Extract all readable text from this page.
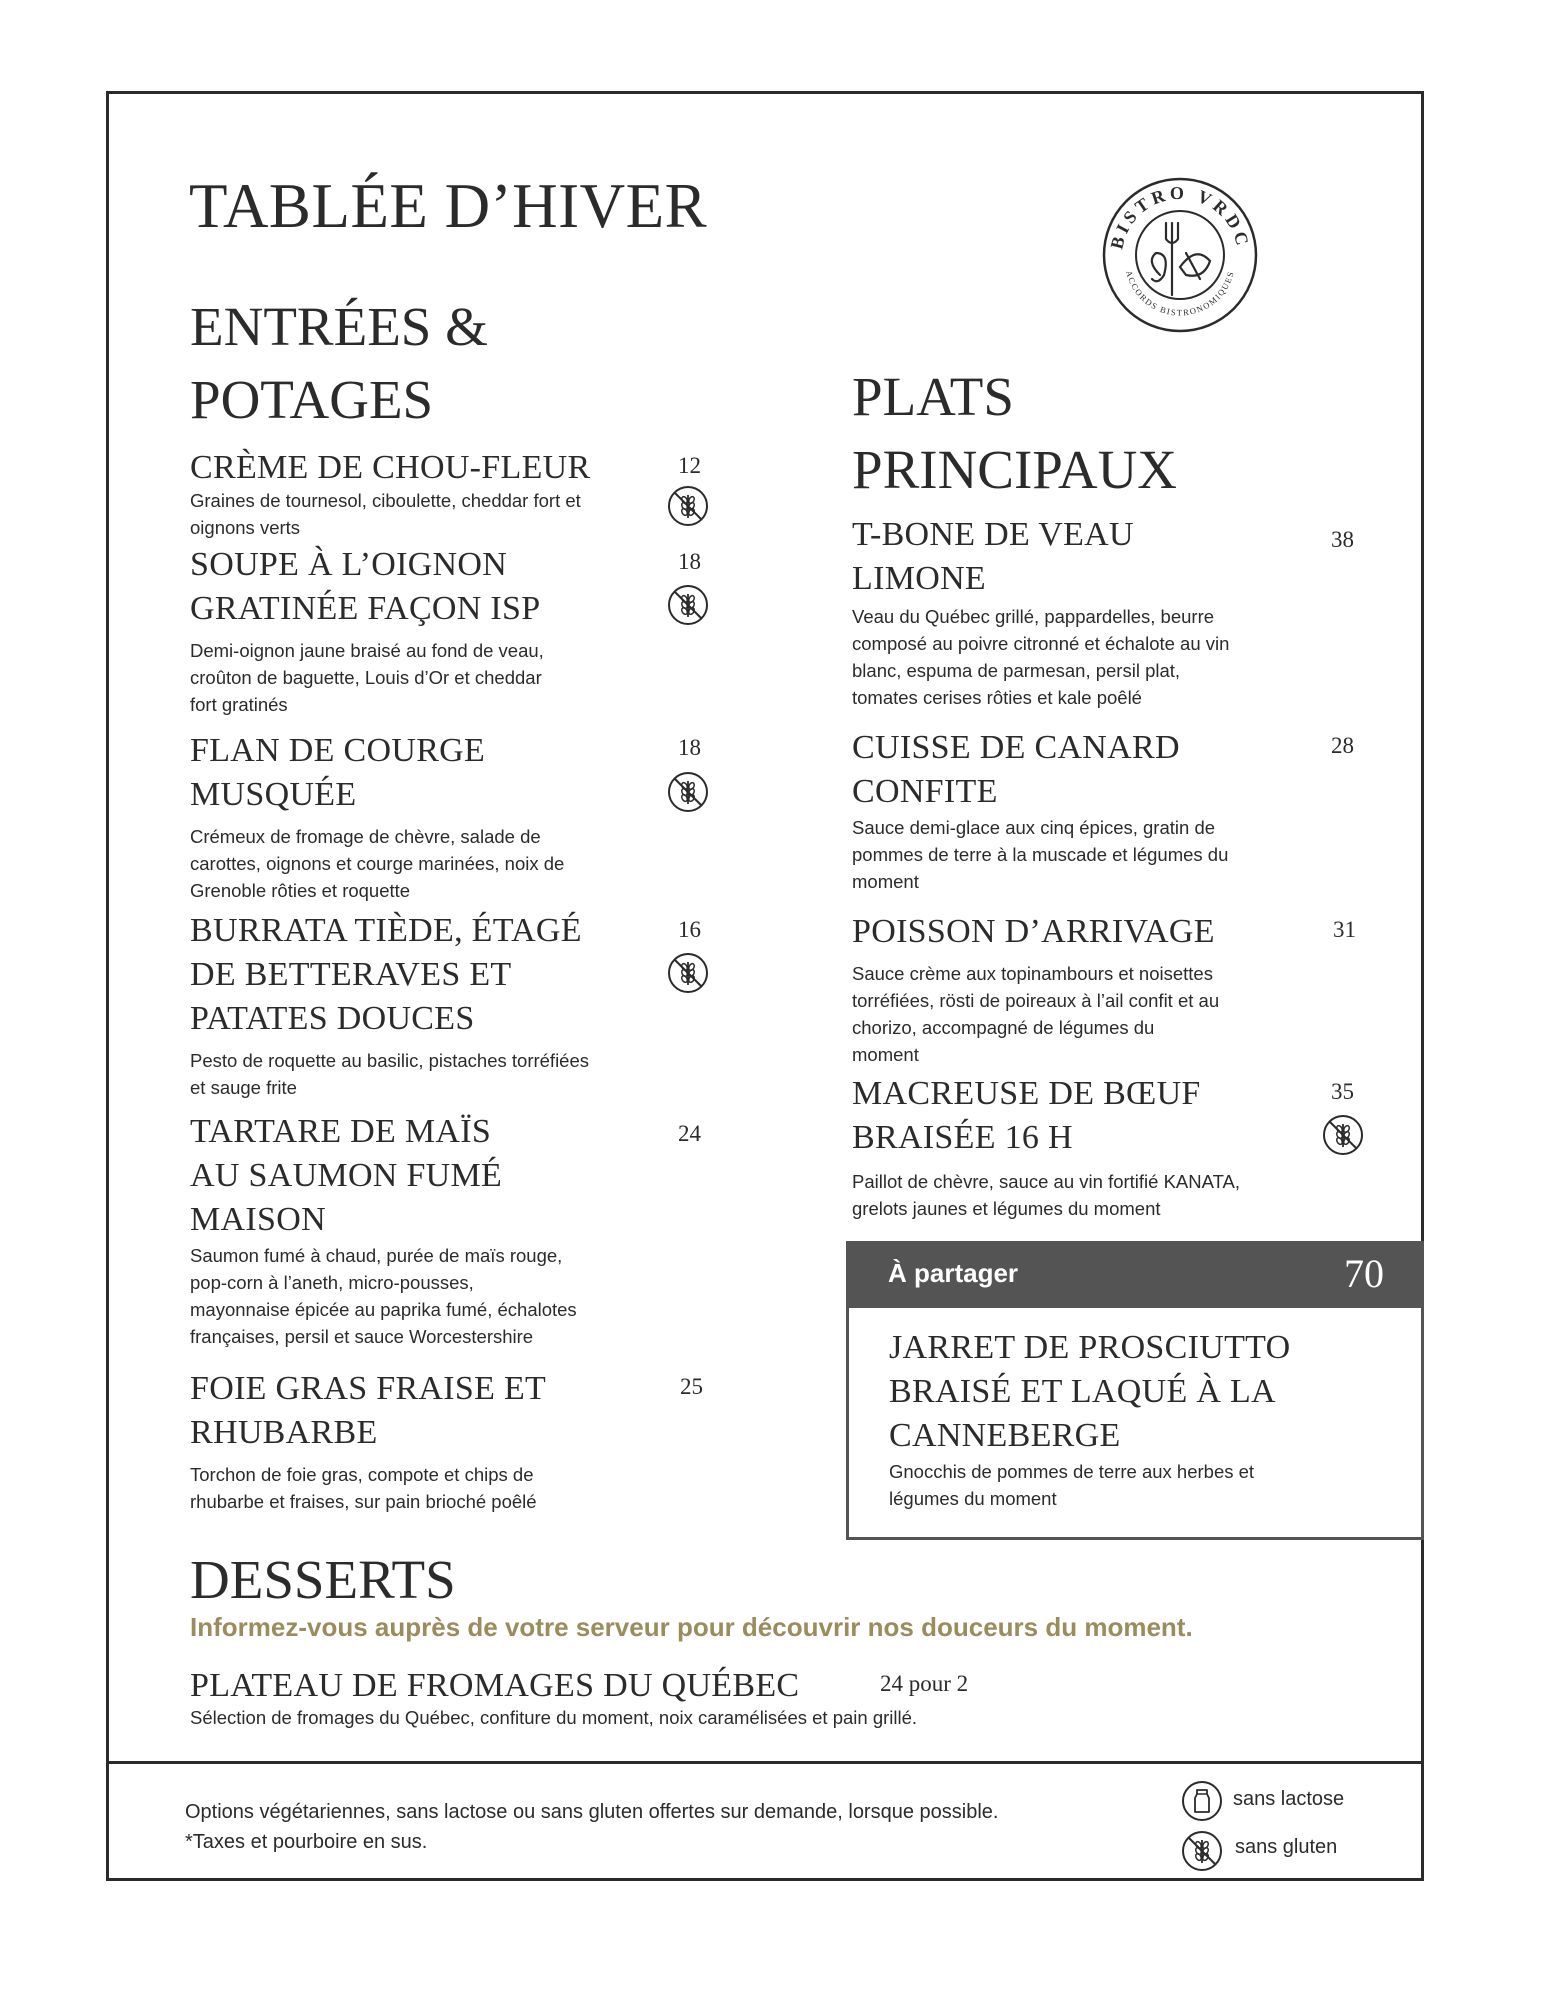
TABLÉE D’HIVER	BISTRO VRDC
ACCORDS BISTRONOMIQUES
ENTRÉES &
POTAGES
CRÈME DE CHOU-FLEUR
Graines de tournesol, ciboulette, cheddar fort et
oignons verts
12
SOUPE À L’OIGNON
GRATINÉE FAÇON ISP
Demi-oignon jaune braisé au fond de veau,
croûton de baguette, Louis d’Or et cheddar
fort gratinés
18
FLAN DE COURGE
MUSQUÉE
Crémeux de fromage de chèvre, salade de
carottes, oignons et courge marinées, noix de
Grenoble rôties et roquette
18
BURRATA TIÈDE, ÉTAGÉ
DE BETTERAVES ET
PATATES DOUCES
Pesto de roquette au basilic, pistaches torréfiées
et sauge frite
16
TARTARE DE MAÏS
AU SAUMON FUMÉ
MAISON
Saumon fumé à chaud, purée de maïs rouge,
pop-corn à l’aneth, micro-pousses,
mayonnaise épicée au paprika fumé, échalotes
françaises, persil et sauce Worcestershire
24
FOIE GRAS FRAISE ET
RHUBARBE
Torchon de foie gras, compote et chips de
rhubarbe et fraises, sur pain brioché poêlé
25
PLATS
PRINCIPAUX
T-BONE DE VEAU
LIMONE
Veau du Québec grillé, pappardelles, beurre
composé au poivre citronné et échalote au vin
blanc, espuma de parmesan, persil plat,
tomates cerises rôties et kale poêlé
38
CUISSE DE CANARD
CONFITE
Sauce demi-glace aux cinq épices, gratin de
pommes de terre à la muscade et légumes du
moment
28
POISSON D’ARRIVAGE
Sauce crème aux topinambours et noisettes
torréfiées, rösti de poireaux à l’ail confit et au
chorizo, accompagné de légumes du
moment
31
MACREUSE DE BŒUF
BRAISÉE 16 H
Paillot de chèvre, sauce au vin fortifié KANATA,
grelots jaunes et légumes du moment
35
À partager	70
JARRET DE PROSCIUTTO
BRAISÉ ET LAQUÉ À LA
CANNEBERGE
Gnocchis de pommes de terre aux herbes et
légumes du moment
DESSERTS
Informez-vous auprès de votre serveur pour découvrir nos douceurs du moment.
PLATEAU DE FROMAGES DU QUÉBEC	24 pour 2
Sélection de fromages du Québec, confiture du moment, noix caramélisées et pain grillé.
Options végétariennes, sans lactose ou sans gluten offertes sur demande, lorsque possible.
*Taxes et pourboire en sus.
sans lactose
sans gluten
